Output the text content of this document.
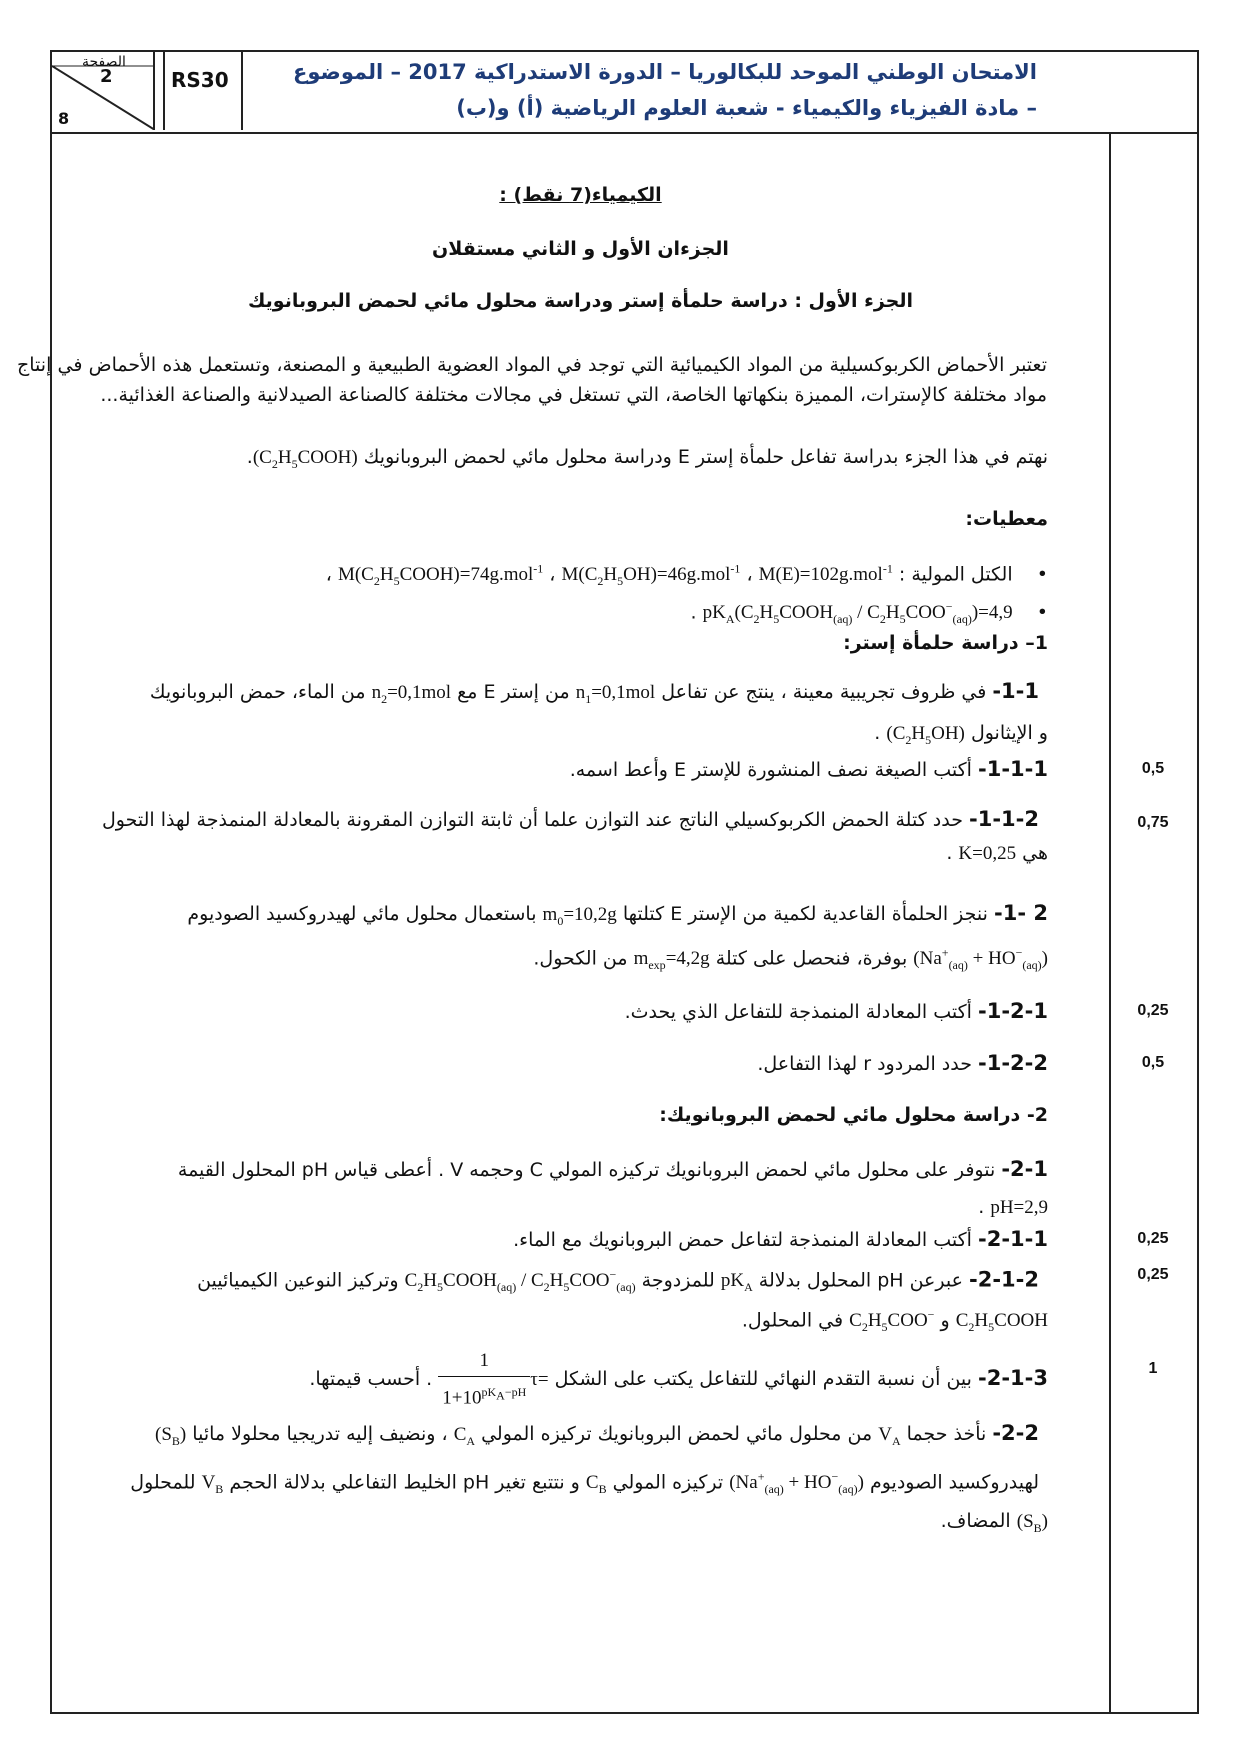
الصفحة
2
8
RS30	الامتحان الوطني الموحد للبكالوريا – الدورة الاستدراكية 2017 – الموضوع
– مادة الفيزياء والكيمياء - شعبة العلوم الرياضية (أ) و(ب)
الكيمياء(7 نقط) :
الجزءان الأول و الثاني مستقلان
الجزء الأول : دراسة حلمأة إستر ودراسة محلول مائي لحمض البروبانويك
تعتبر الأحماض الكربوكسيلية من المواد الكيميائية التي توجد في المواد العضوية الطبيعية و المصنعة، وتستعمل هذه الأحماض في إنتاج مواد مختلفة كالإسترات، المميزة بنكهاتها الخاصة، التي تستغل في مجالات مختلفة كالصناعة الصيدلانية والصناعة الغذائية...
نهتم في هذا الجزء بدراسة تفاعل حلمأة إستر E ودراسة محلول مائي لحمض البروبانويك $(C_2H_5COOH)$.
معطيات:
•    الكتل المولية : $M(C_2H_5COOH)=74g.mol^{-1}$ ، $M(C_2H_5OH)=46g.mol^{-1}$ ، M(E)=102g.mol$^{-1}$ ،
•    $pK_A(C_2H_5COOH_{(aq)} / C_2H_5COO^-_{(aq)})=4,9$ .
1– دراسة حلمأة إستر:
1-1- في ظروف تجريبية معينة ، ينتج عن تفاعل $n_1=0,1mol$ من إستر E مع $n_2=0,1mol$ من الماء، حمض البروبانويك
و الإيثانول $(C_2H_5OH)$ .
1-1-1- أكتب الصيغة نصف المنشورة للإستر E وأعط اسمه.	0,5
1-1-2- حدد كتلة الحمض الكربوكسيلي الناتج عند التوازن علما أن ثابتة التوازن المقرونة بالمعادلة المنمذجة لهذا التحول
هي K=0,25 .
0,75
2 -1- ننجز الحلمأة القاعدية لكمية من الإستر E كتلتها $m_0=10,2g$ باستعمال محلول مائي لهيدروكسيد الصوديوم
$(Na^+_{(aq)} + HO^-_{(aq)})$ بوفرة، فنحصل على كتلة $m_{exp}=4,2g$ من الكحول.
1-2-1- أكتب المعادلة المنمذجة للتفاعل الذي يحدث.	0,25
1-2-2- حدد المردود r لهذا التفاعل.	0,5
2- دراسة محلول مائي لحمض البروبانويك:
2-1- نتوفر على محلول مائي لحمض البروبانويك تركيزه المولي C وحجمه V . أعطى قياس pH المحلول القيمة
pH=2,9 .
2-1-1- أكتب المعادلة المنمذجة لتفاعل حمض البروبانويك مع الماء.	0,25
2-1-2- عبرعن pH المحلول بدلالة $pK_A$ للمزدوجة $C_2H_5COOH_{(aq)} / C_2H_5COO^-_{(aq)}$ وتركيز النوعين الكيميائيين
$C_2H_5COOH$ و $C_2H_5COO^-$ في المحلول.
0,25
2-1-3- بين أن نسبة التقدم النهائي للتفاعل يكتب على الشكل τ=
$\frac{1}{1+10^{pK_A-pH}}$
. أحسب قيمتها.	1
2-2- نأخذ حجما $V_A$ من محلول مائي لحمض البروبانويك تركيزه المولي $C_A$ ، ونضيف إليه تدريجيا محلولا مائيا $(S_B)$
لهيدروكسيد الصوديوم $(Na^+_{(aq)} + HO^-_{(aq)})$ تركيزه المولي $C_B$ و نتتبع تغير pH الخليط التفاعلي بدلالة الحجم $V_B$ للمحلول
$(S_B)$ المضاف.
